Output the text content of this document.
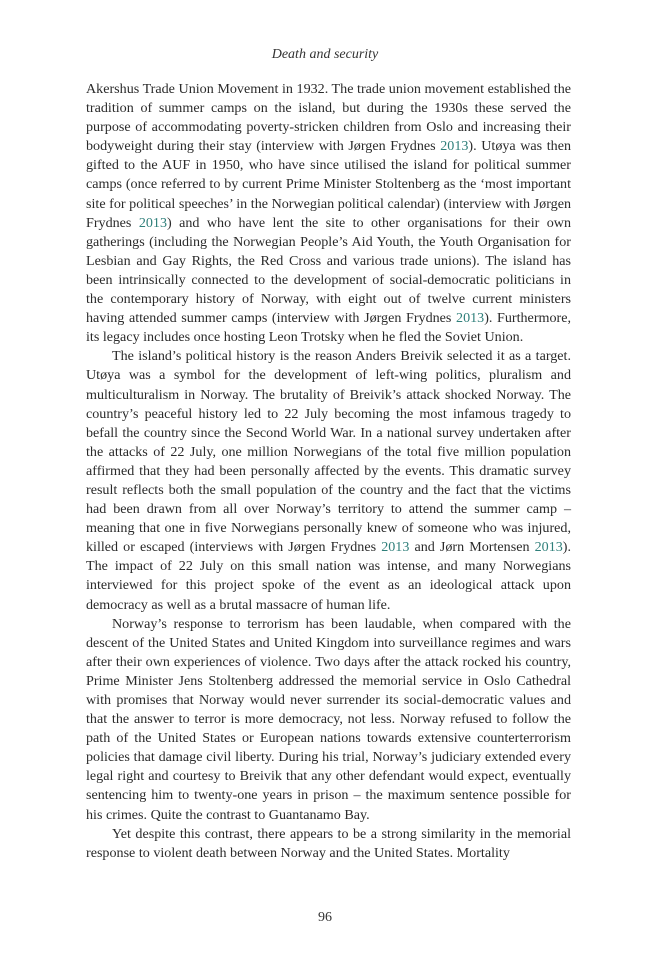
Death and security

Akershus Trade Union Movement in 1932. The trade union movement established the tradition of summer camps on the island, but during the 1930s these served the purpose of accommodating poverty-stricken children from Oslo and increasing their bodyweight during their stay (interview with Jørgen Frydnes 2013). Utøya was then gifted to the AUF in 1950, who have since utilised the island for political summer camps (once referred to by current Prime Minister Stoltenberg as the ‘most important site for political speeches’ in the Norwegian political calendar) (interview with Jørgen Frydnes 2013) and who have lent the site to other organisations for their own gatherings (including the Norwegian People’s Aid Youth, the Youth Organisation for Lesbian and Gay Rights, the Red Cross and various trade unions). The island has been intrinsically connected to the development of social-democratic politicians in the contemporary history of Norway, with eight out of twelve current ministers having attended summer camps (interview with Jørgen Frydnes 2013). Furthermore, its legacy includes once hosting Leon Trotsky when he fled the Soviet Union.

The island’s political history is the reason Anders Breivik selected it as a target. Utøya was a symbol for the development of left-wing politics, pluralism and multiculturalism in Norway. The brutality of Breivik’s attack shocked Norway. The country’s peaceful history led to 22 July becoming the most infamous tragedy to befall the country since the Second World War. In a national survey undertaken after the attacks of 22 July, one million Norwegians of the total five million population affirmed that they had been personally affected by the events. This dramatic survey result reflects both the small population of the country and the fact that the victims had been drawn from all over Norway’s territory to attend the summer camp – meaning that one in five Norwegians personally knew of someone who was injured, killed or escaped (interviews with Jørgen Frydnes 2013 and Jørn Mortensen 2013). The impact of 22 July on this small nation was intense, and many Norwegians interviewed for this project spoke of the event as an ideological attack upon democracy as well as a brutal massacre of human life.

Norway’s response to terrorism has been laudable, when compared with the descent of the United States and United Kingdom into surveillance regimes and wars after their own experiences of violence. Two days after the attack rocked his country, Prime Minister Jens Stoltenberg addressed the memorial service in Oslo Cathedral with promises that Norway would never surrender its social-democratic values and that the answer to terror is more democracy, not less. Norway refused to follow the path of the United States or European nations towards extensive counterterrorism policies that damage civil liberty. During his trial, Norway’s judiciary extended every legal right and courtesy to Breivik that any other defendant would expect, eventually sentencing him to twenty-one years in prison – the maximum sentence possible for his crimes. Quite the contrast to Guantanamo Bay.

Yet despite this contrast, there appears to be a strong similarity in the memorial response to violent death between Norway and the United States. Mortality

96
